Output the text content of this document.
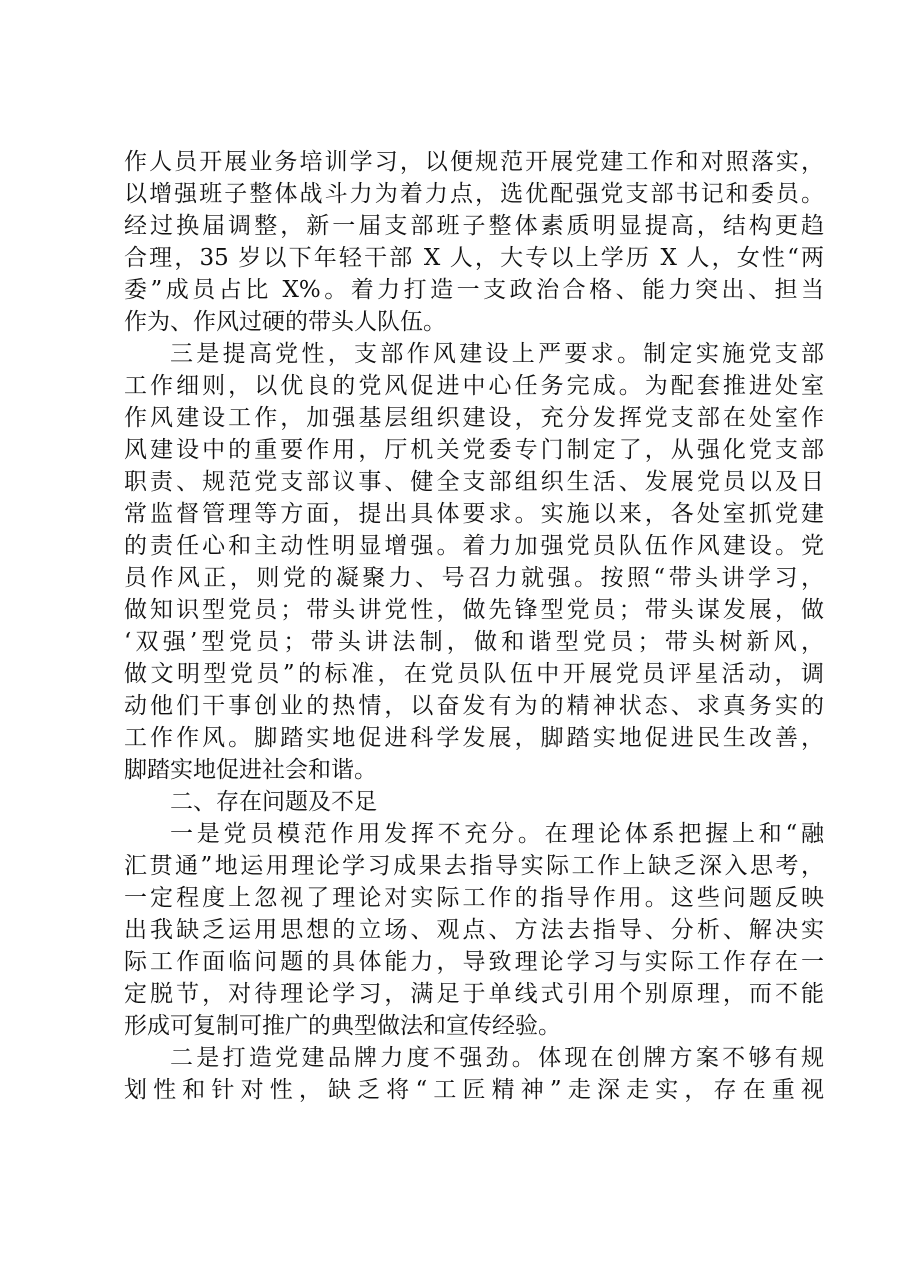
作人员开展业务培训学习，以便规范开展党建工作和对照落实，
以增强班子整体战斗力为着力点，选优配强党支部书记和委员。
经过换届调整，新一届支部班子整体素质明显提高，结构更趋
合理，35 岁以下年轻干部 X 人，大专以上学历 X 人，女性“两
委”成员占比 X%。着力打造一支政治合格、能力突出、担当
作为、作风过硬的带头人队伍。
三是提高党性，支部作风建设上严要求。制定实施党支部
工作细则，以优良的党风促进中心任务完成。为配套推进处室
作风建设工作，加强基层组织建设，充分发挥党支部在处室作
风建设中的重要作用，厅机关党委专门制定了，从强化党支部
职责、规范党支部议事、健全支部组织生活、发展党员以及日
常监督管理等方面，提出具体要求。实施以来，各处室抓党建
的责任心和主动性明显增强。着力加强党员队伍作风建设。党
员作风正，则党的凝聚力、号召力就强。按照“带头讲学习，
做知识型党员；带头讲党性，做先锋型党员；带头谋发展，做
‘双强’型党员；带头讲法制，做和谐型党员；带头树新风，
做文明型党员”的标准，在党员队伍中开展党员评星活动，调
动他们干事创业的热情，以奋发有为的精神状态、求真务实的
工作作风。脚踏实地促进科学发展，脚踏实地促进民生改善，
脚踏实地促进社会和谐。
二、存在问题及不足
一是党员模范作用发挥不充分。在理论体系把握上和“融
汇贯通”地运用理论学习成果去指导实际工作上缺乏深入思考，
一定程度上忽视了理论对实际工作的指导作用。这些问题反映
出我缺乏运用思想的立场、观点、方法去指导、分析、解决实
际工作面临问题的具体能力，导致理论学习与实际工作存在一
定脱节，对待理论学习，满足于单线式引用个别原理，而不能
形成可复制可推广的典型做法和宣传经验。
二是打造党建品牌力度不强劲。体现在创牌方案不够有规
划性和针对性，缺乏将“工匠精神”走深走实，存在重视
